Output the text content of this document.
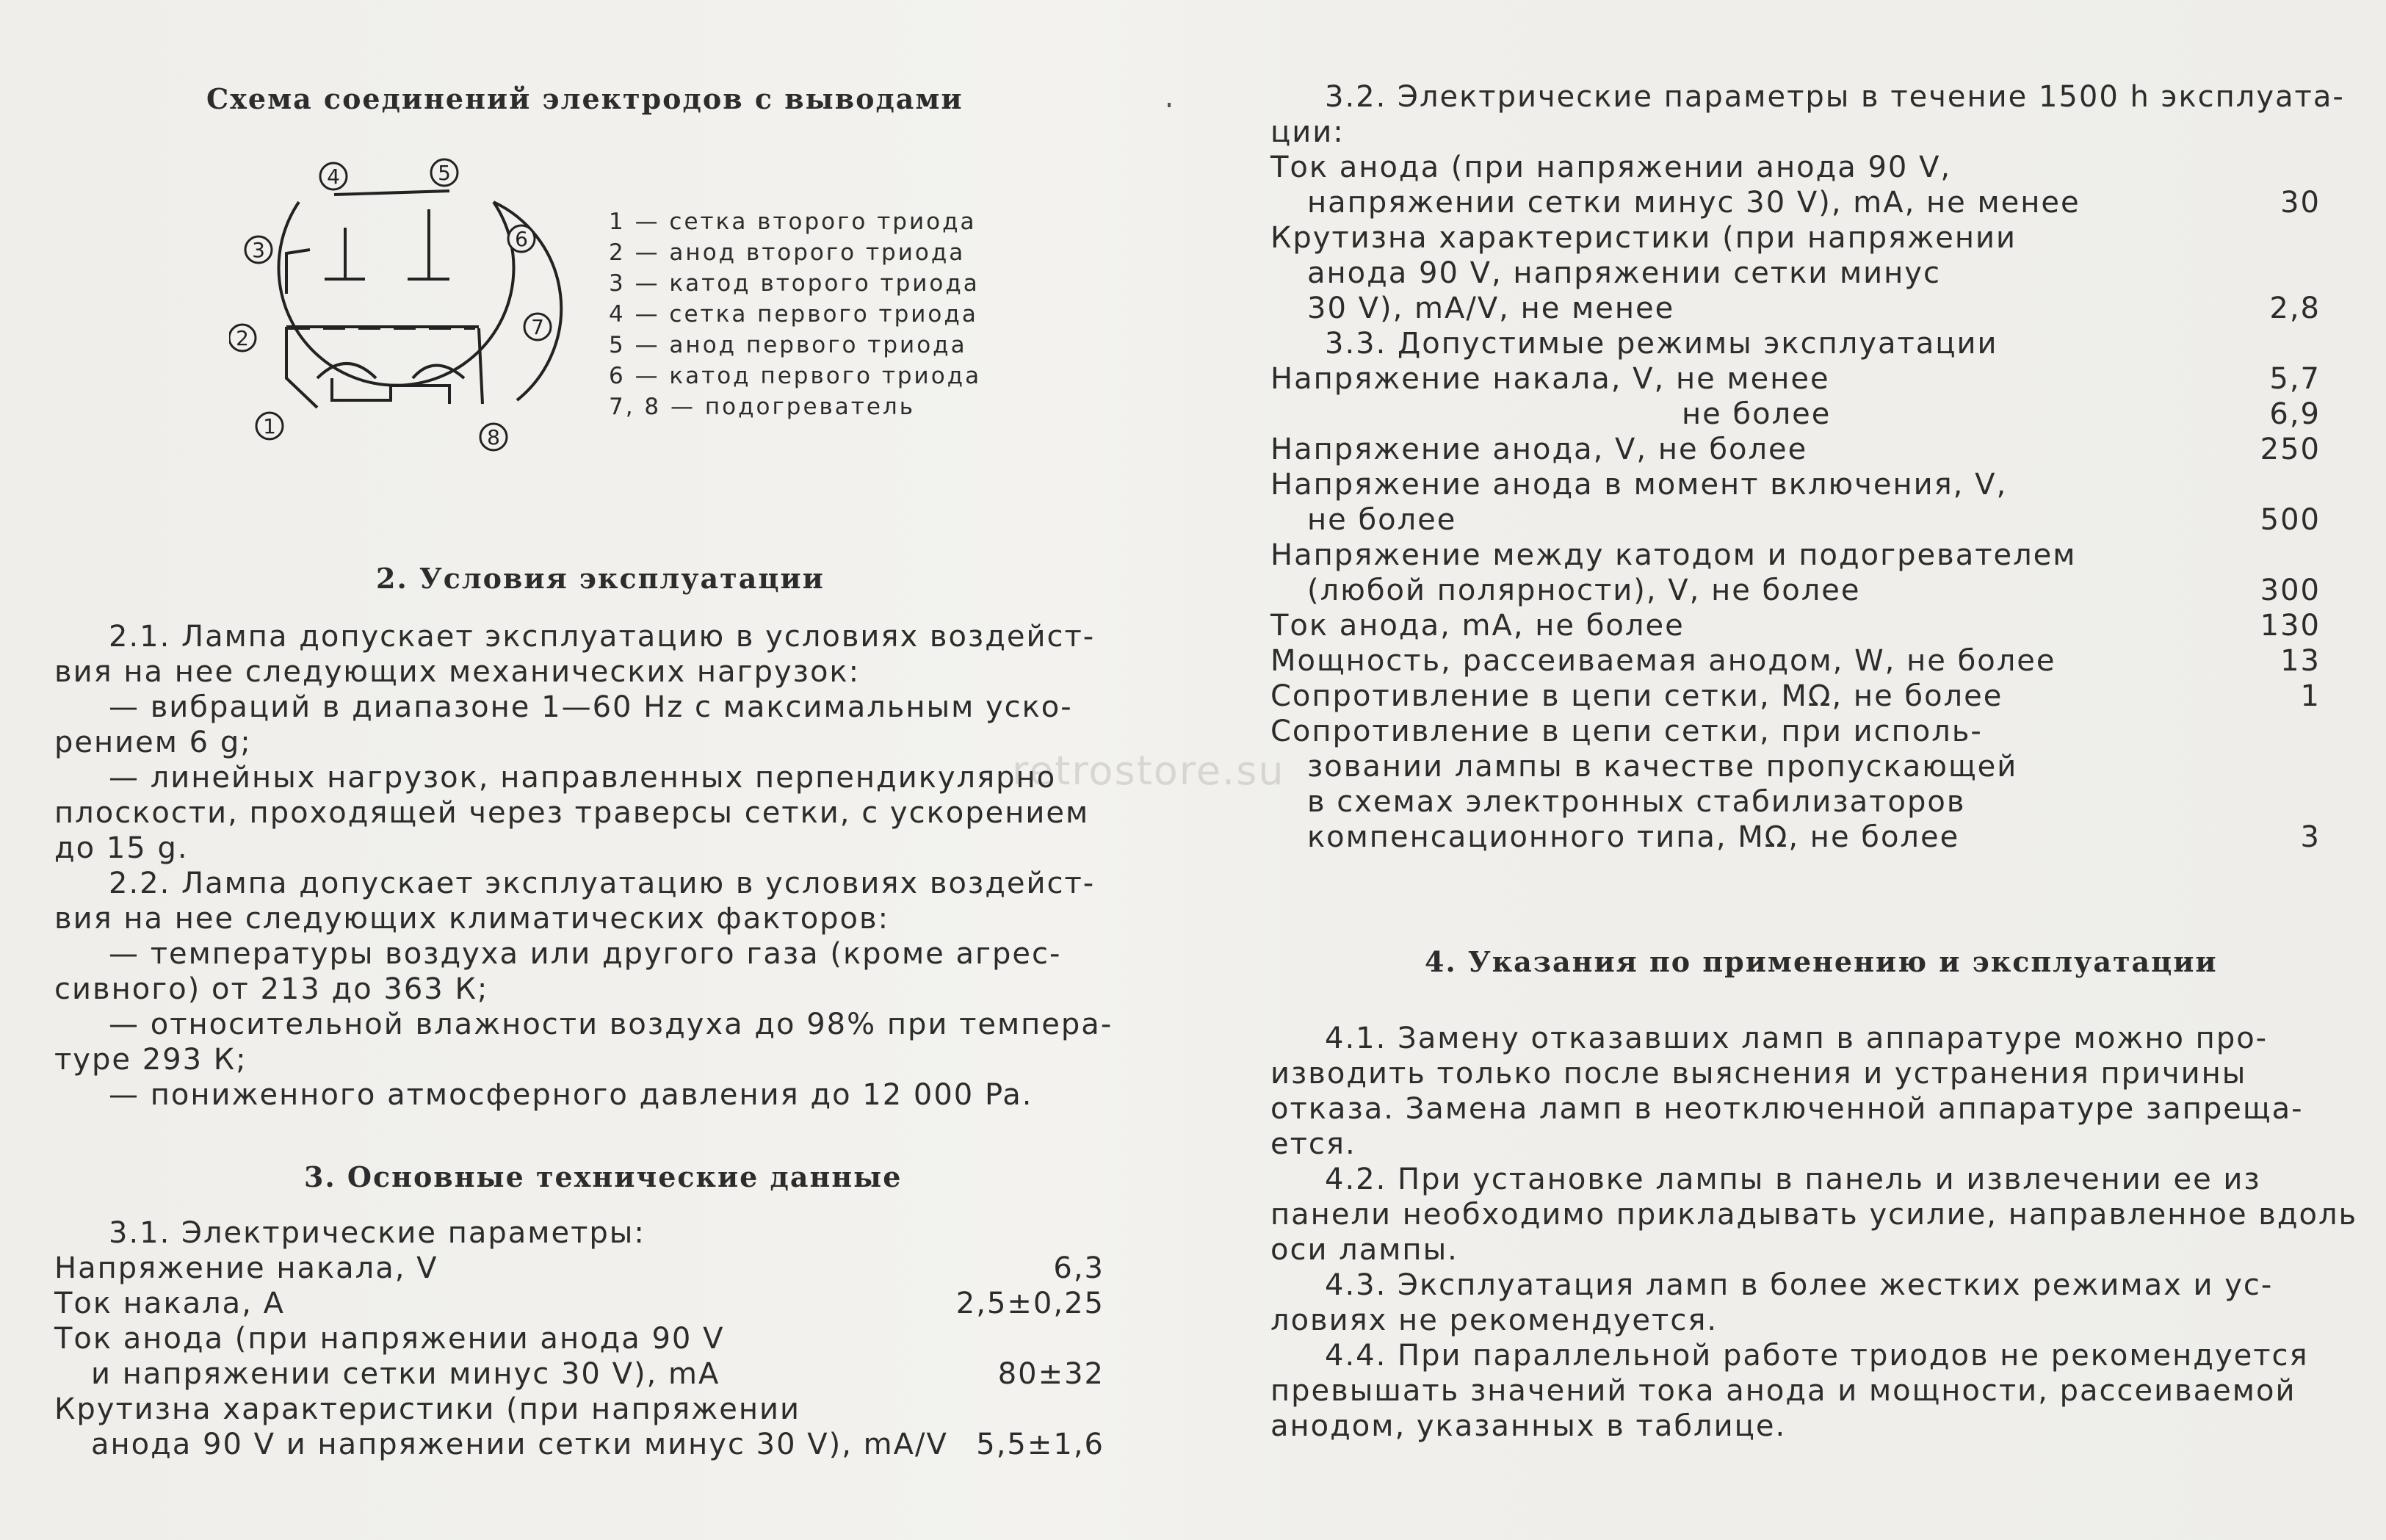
retrostore.su
Схема соединений электродов с выводами
1
2
3
4	5
6
7
8
1 — сетка второго триода
2 — анод второго триода
3 — катод второго триода
4 — сетка первого триода
5 — анод первого триода
6 — катод первого триода
7, 8 — подогреватель
2. Условия эксплуатации
2.1. Лампа допускает эксплуатацию в условиях воздейст-
вия на нее следующих механических нагрузок:
— вибраций в диапазоне 1—60 Hz с максимальным уско-
рением 6 g;
— линейных нагрузок, направленных перпендикулярно
плоскости, проходящей через траверсы сетки, с ускорением
до 15 g.
2.2. Лампа допускает эксплуатацию в условиях воздейст-
вия на нее следующих климатических факторов:
— температуры воздуха или другого газа (кроме агрес-
сивного) от 213 до 363 К;
— относительной влажности воздуха до 98% при темпера-
туре 293 К;
— пониженного атмосферного давления до 12 000 Pa.
3. Основные технические данные
3.1. Электрические параметры:
Напряжение накала, V	6,3
Ток накала, А	2,5±0,25
Ток анода (при напряжении анода 90 V
и напряжении сетки минус 30 V), mA	80±32
Крутизна характеристики (при напряжении
анода 90 V и напряжении сетки минус 30 V), mA/V 5,5±1,6
3.2. Электрические параметры в течение 1500 h эксплуата-
ции:
Ток анода (при напряжении анода 90 V,
напряжении сетки минус 30 V), mA, не менее	30
Крутизна характеристики (при напряжении
анода 90 V, напряжении сетки минус
30 V), mA/V, не менее	2,8
3.3. Допустимые режимы эксплуатации
Напряжение накала, V, не менее	5,7
не более	6,9
Напряжение анода, V, не более	250
Напряжение анода в момент включения, V,
не более	500
Напряжение между катодом и подогревателем
(любой полярности), V, не более	300
Ток анода, mA, не более	130
Мощность, рассеиваемая анодом, W, не более	13
Сопротивление в цепи сетки, MΩ, не более	1
Сопротивление в цепи сетки, при исполь-
зовании лампы в качестве пропускающей
в схемах электронных стабилизаторов
компенсационного типа, MΩ, не более	3
4. Указания по применению и эксплуатации
4.1. Замену отказавших ламп в аппаратуре можно про-
изводить только после выяснения и устранения причины
отказа. Замена ламп в неотключенной аппаратуре запреща-
ется.
4.2. При установке лампы в панель и извлечении ее из
панели необходимо прикладывать усилие, направленное вдоль
оси лампы.
4.3. Эксплуатация ламп в более жестких режимах и ус-
ловиях не рекомендуется.
4.4. При параллельной работе триодов не рекомендуется
превышать значений тока анода и мощности, рассеиваемой
анодом, указанных в таблице.
